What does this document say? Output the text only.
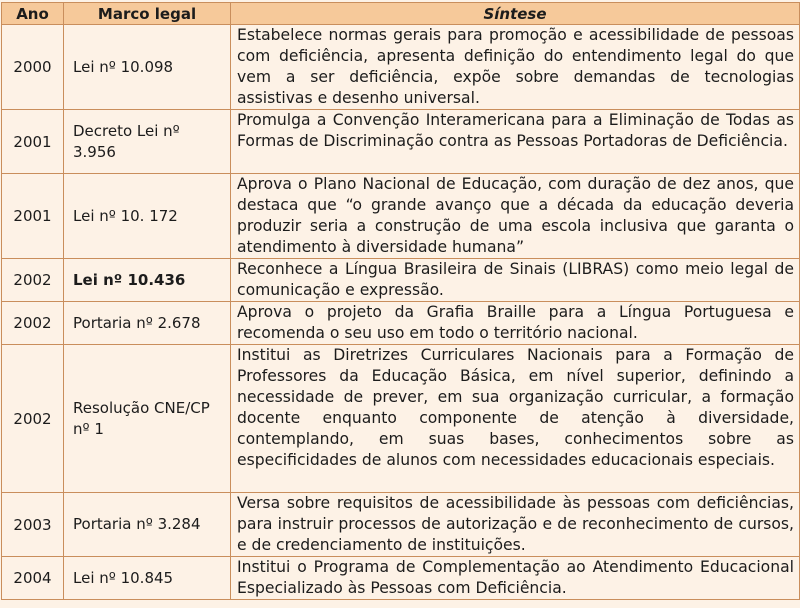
Ano	Marco legal	Síntese
2000	Lei nº 10.098	Estabelece normas gerais para promoção e acessibilidade de pessoas com deficiência, apresenta definição do entendimento legal do que vem a ser deficiência, expõe sobre demandas de tecnologias assistivas e desenho universal.
2001	Decreto Lei nº 3.956	Promulga a Convenção Interamericana para a Eliminação de Todas as Formas de Discriminação contra as Pessoas Portadoras de Deficiência.
2001	Lei nº 10. 172	Aprova o Plano Nacional de Educação, com duração de dez anos, que destaca que “o grande avanço que a década da educação deveria produzir seria a construção de uma escola inclusiva que garanta o atendimento à diversidade humana”
2002	Lei nº 10.436	Reconhece a Língua Brasileira de Sinais (LIBRAS) como meio legal de comunicação e expressão.
2002	Portaria nº 2.678	Aprova o projeto da Grafia Braille para a Língua Portuguesa e recomenda o seu uso em todo o território nacional.
2002	Resolução CNE/CP nº 1	Institui as Diretrizes Curriculares Nacionais para a Formação de Professores da Educação Básica, em nível superior, definindo a necessidade de prever, em sua organização curricular, a formação docente enquanto componente de atenção à diversidade, contemplando, em suas bases, conhecimentos sobre as especificidades de alunos com necessidades educacionais especiais.
2003	Portaria nº 3.284	Versa sobre requisitos de acessibilidade às pessoas com deficiências, para instruir processos de autorização e de reconhecimento de cursos, e de credenciamento de instituições.
2004	Lei nº 10.845	Institui o Programa de Complementação ao Atendimento Educacional Especializado às Pessoas com Deficiência.
